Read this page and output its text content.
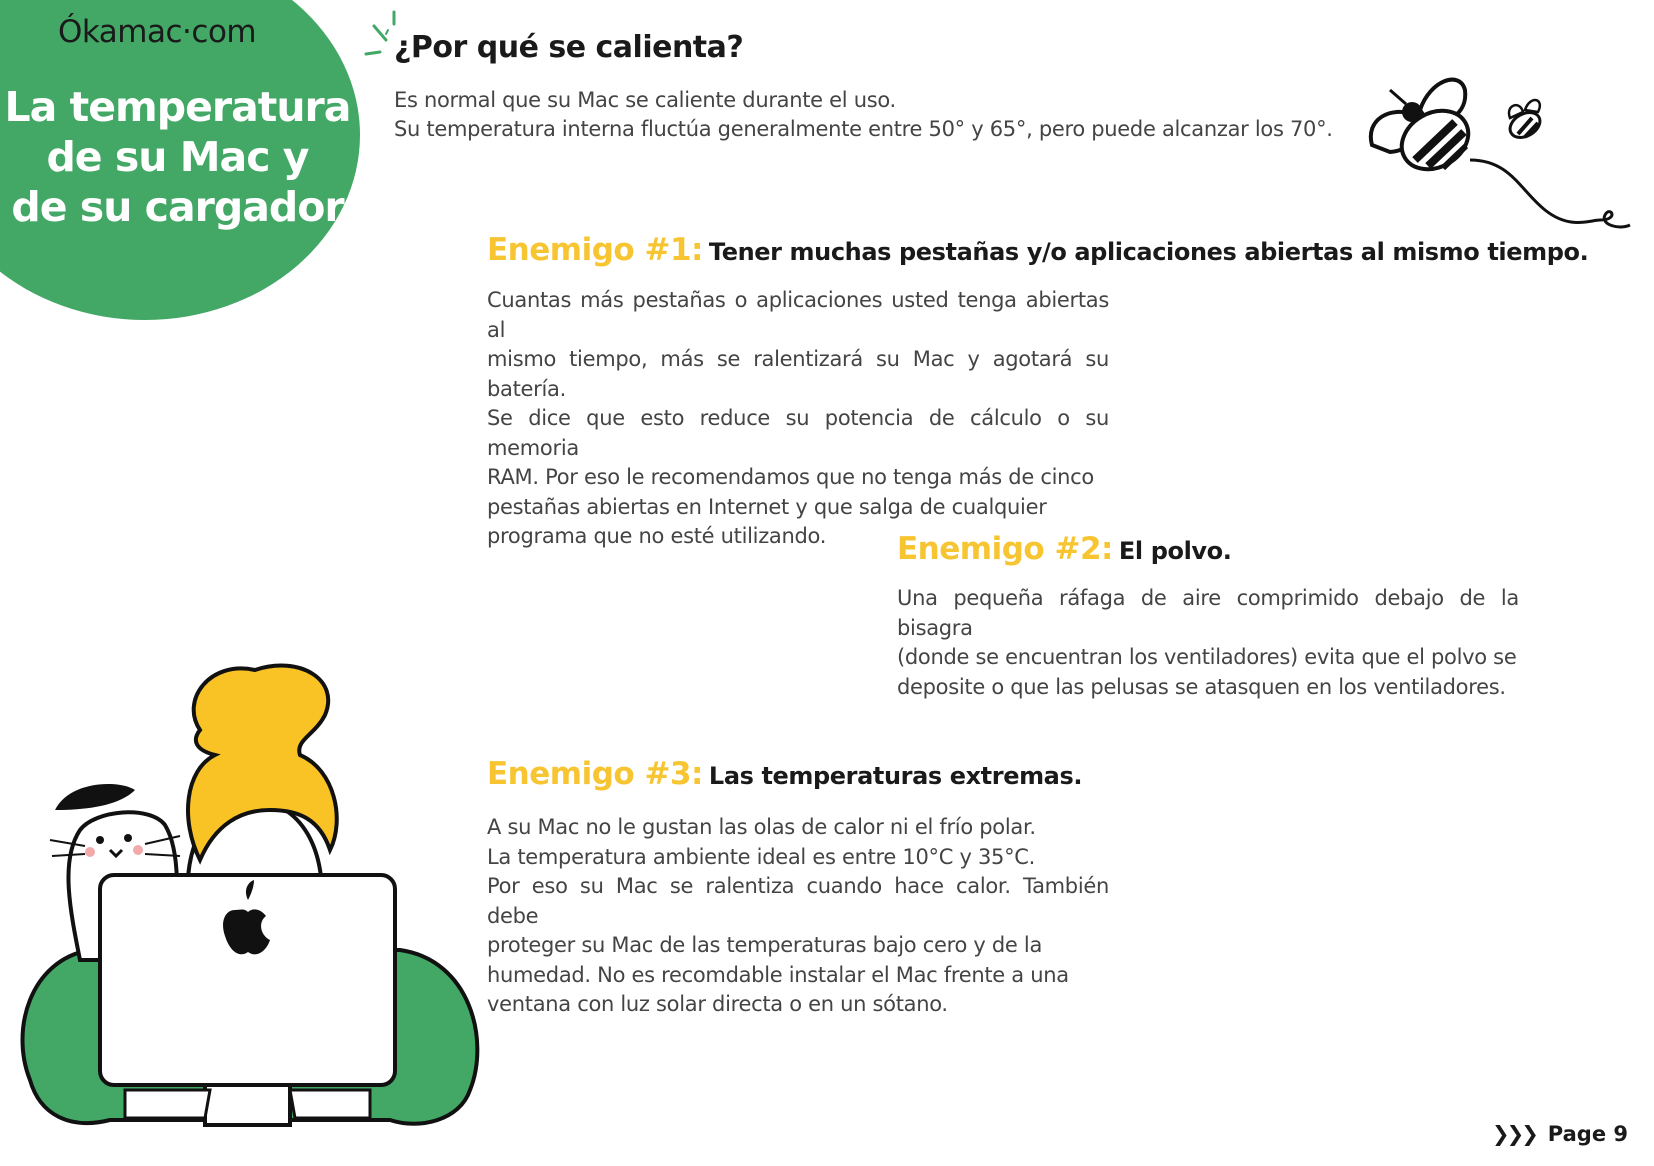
Ókamac·com
La temperatura
de su Mac y
de su cargador
¿Por qué se calienta?
Es normal que su Mac se caliente durante el uso.
Su temperatura interna fluctúa generalmente entre 50° y 65°, pero puede alcanzar los 70°.
Enemigo #1: Tener muchas pestañas y/o aplicaciones abiertas al mismo tiempo.
Cuantas más pestañas o aplicaciones usted tenga abiertas al
mismo tiempo, más se ralentizará su Mac y agotará su batería.
Se dice que esto reduce su potencia de cálculo o su memoria
RAM. Por eso le recomendamos que no tenga más de cinco
pestañas abiertas en Internet y que salga de cualquier
programa que no esté utilizando.	Enemigo #2: El polvo.
Una pequeña ráfaga de aire comprimido debajo de la bisagra
(donde se encuentran los ventiladores) evita que el polvo se
deposite o que las pelusas se atasquen en los ventiladores.
Enemigo #3: Las temperaturas extremas.
A su Mac no le gustan las olas de calor ni el frío polar.
La temperatura ambiente ideal es entre 10°C y 35°C.
Por eso su Mac se ralentiza cuando hace calor. También debe
proteger su Mac de las temperaturas bajo cero y de la
humedad. No es recomdable instalar el Mac frente a una
ventana con luz solar directa o en un sótano.
❯❯❯ Page 9
